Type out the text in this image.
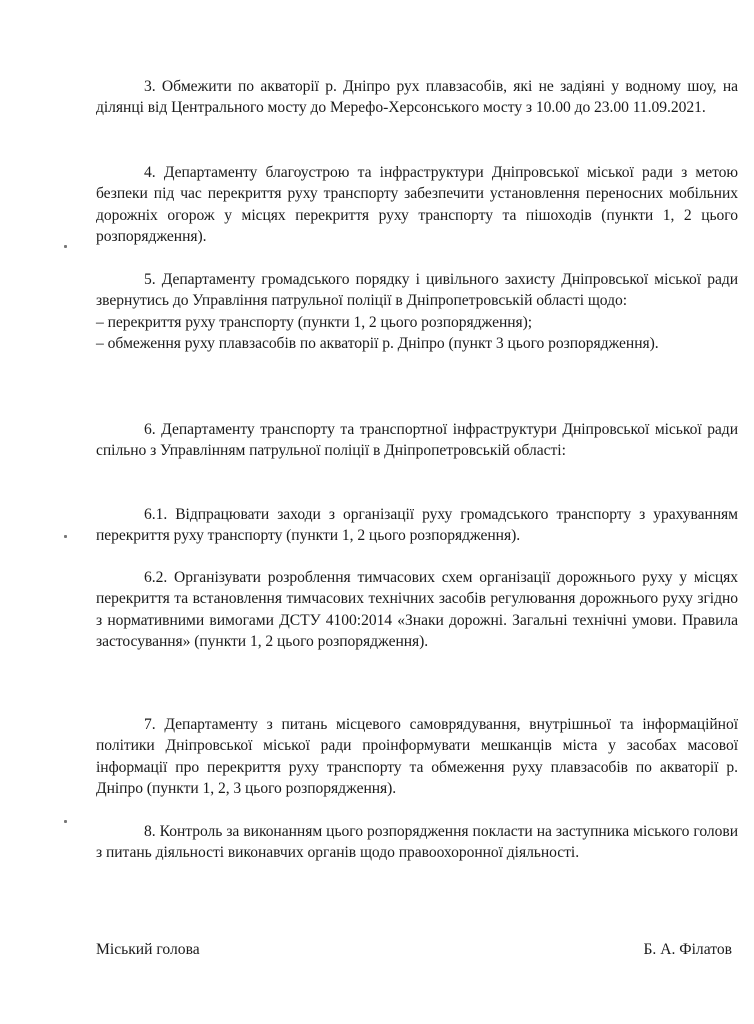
3. Обмежити по акваторії р. Дніпро рух плавзасобів, які не задіяні у водному шоу, на ділянці від Центрального мосту до Мерефо-Херсонського мосту з 10.00 до 23.00 11.09.2021.

4. Департаменту благоустрою та інфраструктури Дніпровської міської ради з метою безпеки під час перекриття руху транспорту забезпечити установлення переносних мобільних дорожніх огорож у місцях перекриття руху транспорту та пішоходів (пункти 1, 2 цього розпорядження).

5. Департаменту громадського порядку і цивільного захисту Дніпровської міської ради звернутись до Управління патрульної поліції в Дніпропетровській області щодо:
– перекриття руху транспорту (пункти 1, 2 цього розпорядження);
– обмеження руху плавзасобів по акваторії р. Дніпро (пункт 3 цього розпорядження).

6. Департаменту транспорту та транспортної інфраструктури Дніпровської міської ради спільно з Управлінням патрульної поліції в Дніпропетровській області:

6.1. Відпрацювати заходи з організації руху громадського транспорту з урахуванням перекриття руху транспорту (пункти 1, 2 цього розпорядження).

6.2. Організувати розроблення тимчасових схем організації дорожнього руху у місцях перекриття та встановлення тимчасових технічних засобів регулювання дорожнього руху згідно з нормативними вимогами ДСТУ 4100:2014 «Знаки дорожні. Загальні технічні умови. Правила застосування» (пункти 1, 2 цього розпорядження).

7. Департаменту з питань місцевого самоврядування, внутрішньої та інформаційної політики Дніпровської міської ради проінформувати мешканців міста у засобах масової інформації про перекриття руху транспорту та обмеження руху плавзасобів по акваторії р. Дніпро (пункти 1, 2, 3 цього розпорядження).

8. Контроль за виконанням цього розпорядження покласти на заступника міського голови з питань діяльності виконавчих органів щодо правоохоронної діяльності.

Міський голова	Б. А. Філатов
